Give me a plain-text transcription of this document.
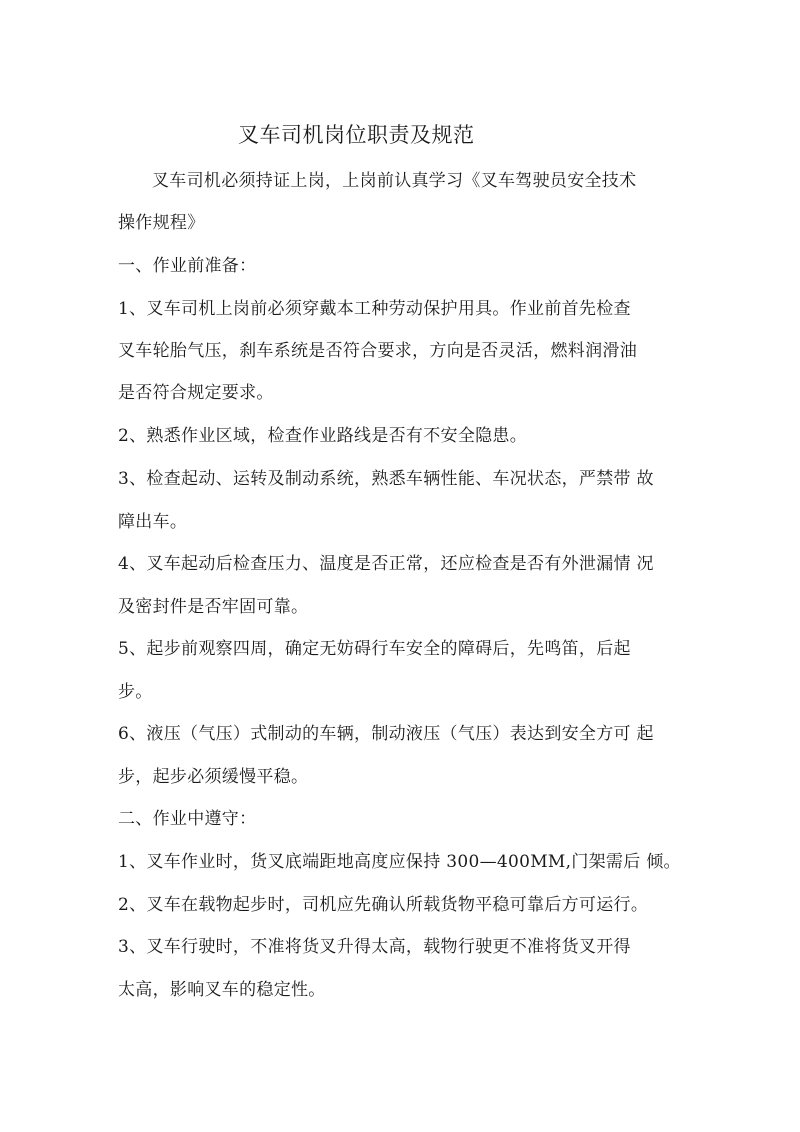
叉车司机岗位职责及规范
叉车司机必须持证上岗，上岗前认真学习《叉车驾驶员安全技术
操作规程》
一、作业前准备：
1、叉车司机上岗前必须穿戴本工种劳动保护用具。作业前首先检查
叉车轮胎气压，刹车系统是否符合要求，方向是否灵活，燃料润滑油
是否符合规定要求。
2、熟悉作业区域，检查作业路线是否有不安全隐患。
3、检查起动、运转及制动系统，熟悉车辆性能、车况状态，严禁带 故
障出车。
4、叉车起动后检查压力、温度是否正常，还应检查是否有外泄漏情 况
及密封件是否牢固可靠。
5、起步前观察四周，确定无妨碍行车安全的障碍后，先鸣笛，后起
步。
6、液压（气压）式制动的车辆，制动液压（气压）表达到安全方可 起
步，起步必须缓慢平稳。
二、作业中遵守：
1、叉车作业时，货叉底端距地高度应保持 300—400MM,门架需后 倾。
2、叉车在载物起步时，司机应先确认所载货物平稳可靠后方可运行。
3、叉车行驶时，不准将货叉升得太高，载物行驶更不准将货叉开得
太高，影响叉车的稳定性。
